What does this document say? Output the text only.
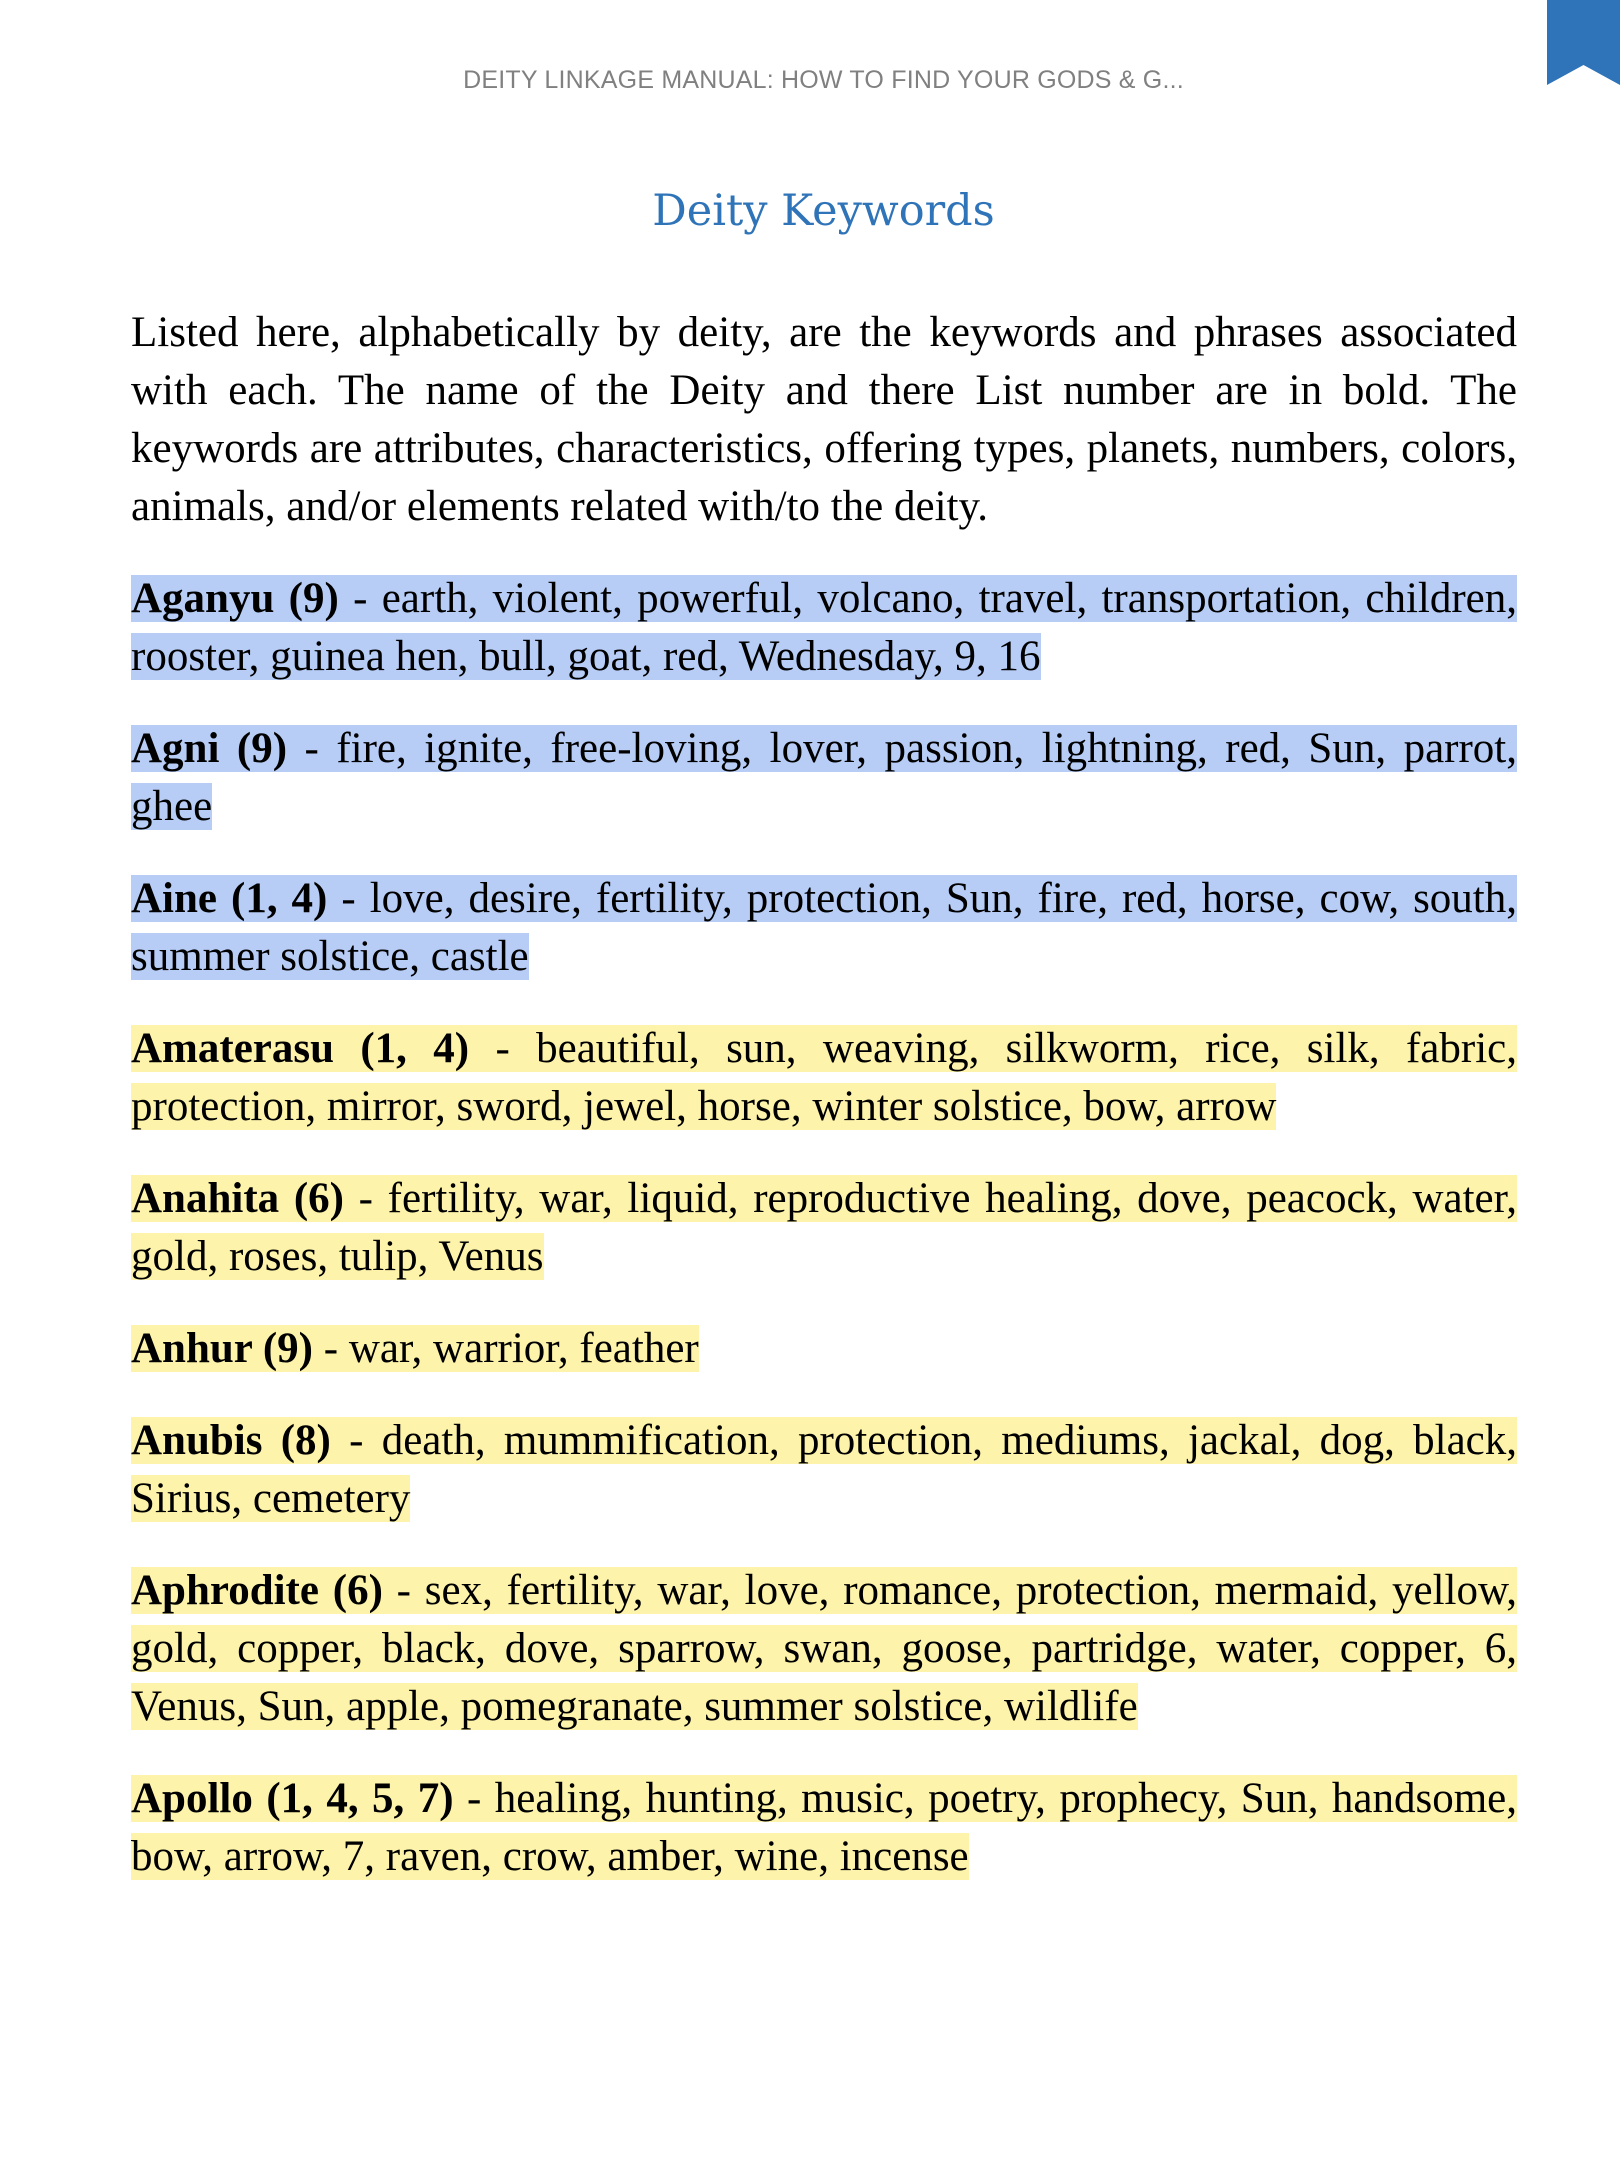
DEITY LINKAGE MANUAL: HOW TO FIND YOUR GODS & G...
Deity Keywords

Listed here, alphabetically by deity, are the keywords and phrases associated with each. The name of the Deity and there List number are in bold. The keywords are attributes, characteristics, offering types, planets, numbers, colors, animals, and/or elements related with/to the deity.

Aganyu (9) - earth, violent, powerful, volcano, travel, transportation, children, rooster, guinea hen, bull, goat, red, Wednesday, 9, 16

Agni (9) - fire, ignite, free-loving, lover, passion, lightning, red, Sun, parrot, ghee

Aine (1, 4) - love, desire, fertility, protection, Sun, fire, red, horse, cow, south, summer solstice, castle

Amaterasu (1, 4) - beautiful, sun, weaving, silkworm, rice, silk, fabric, protection, mirror, sword, jewel, horse, winter solstice, bow, arrow

Anahita (6) - fertility, war, liquid, reproductive healing, dove, peacock, water, gold, roses, tulip, Venus

Anhur (9) - war, warrior, feather

Anubis (8) - death, mummification, protection, mediums, jackal, dog, black, Sirius, cemetery

Aphrodite (6) - sex, fertility, war, love, romance, protection, mermaid, yellow, gold, copper, black, dove, sparrow, swan, goose, partridge, water, copper, 6, Venus, Sun, apple, pomegranate, summer solstice, wildlife

Apollo (1, 4, 5, 7) - healing, hunting, music, poetry, prophecy, Sun, handsome, bow, arrow, 7, raven, crow, amber, wine, incense
